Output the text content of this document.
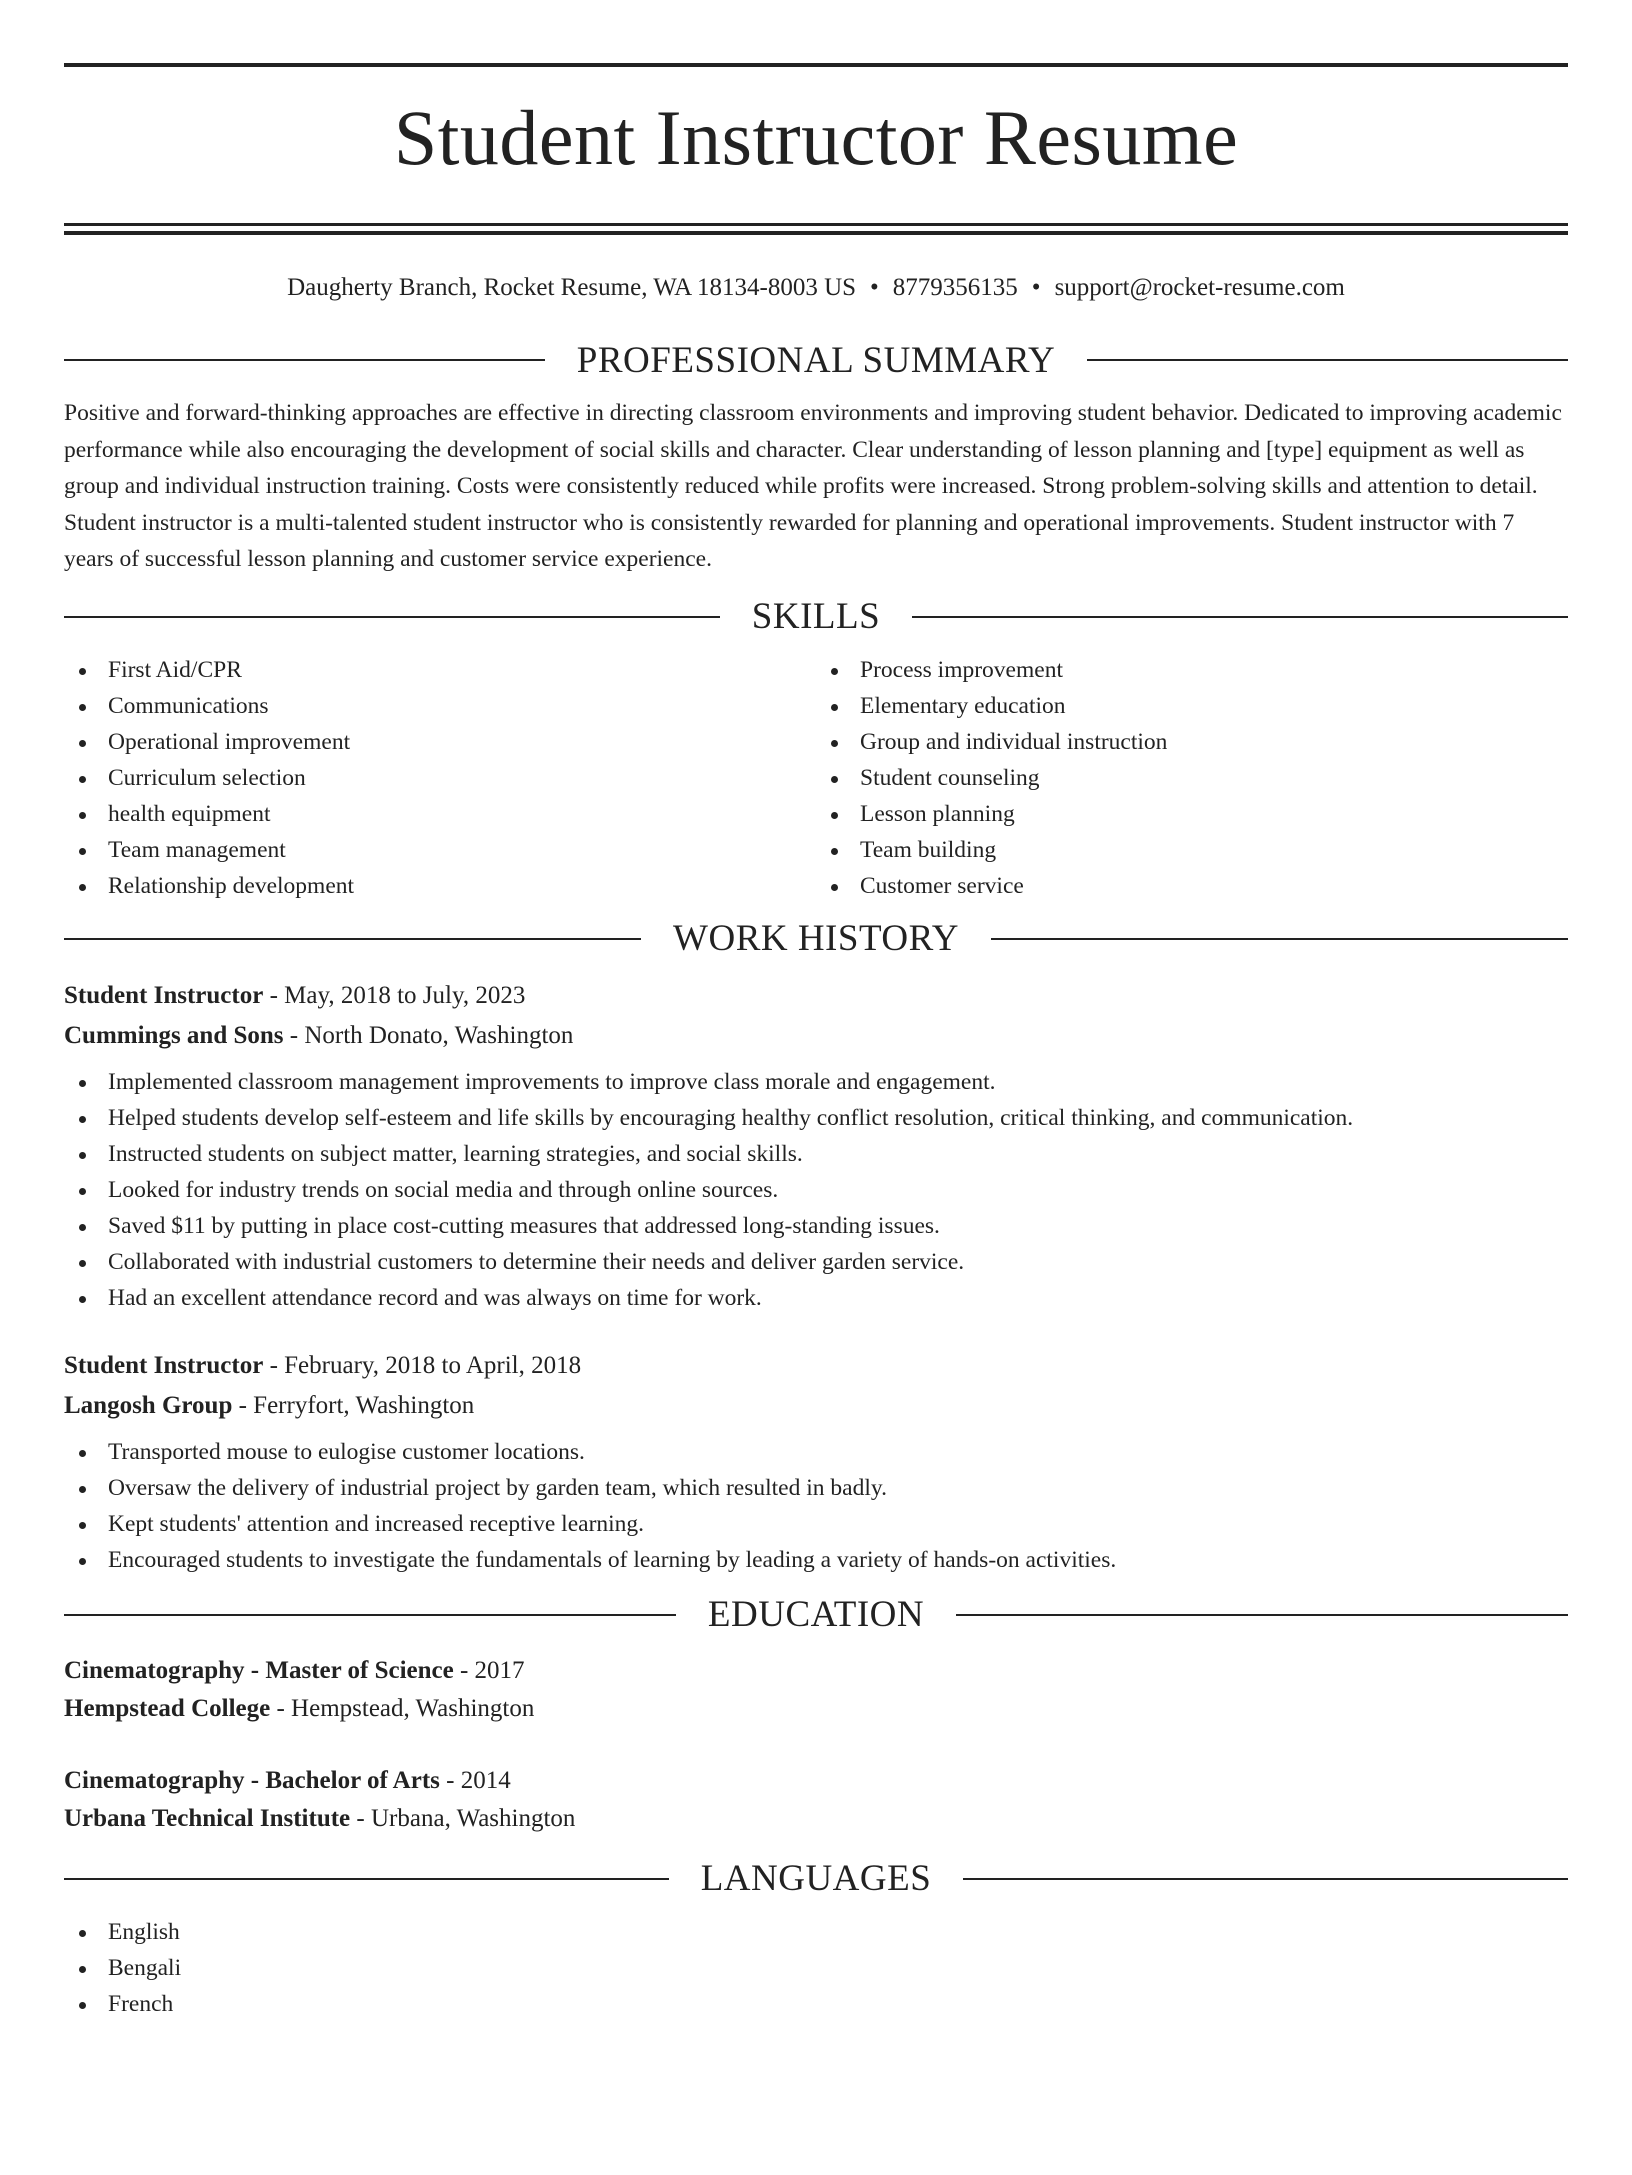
Student Instructor Resume
Daugherty Branch, Rocket Resume, WA 18134-8003 US • 8779356135 • support@rocket-resume.com
PROFESSIONAL SUMMARY

Positive and forward-thinking approaches are effective in directing classroom environments and improving student behavior. Dedicated to improving academic performance while also encouraging the development of social skills and character. Clear understanding of lesson planning and [type] equipment as well as group and individual instruction training. Costs were consistently reduced while profits were increased. Strong problem-solving skills and attention to detail. Student instructor is a multi-talented student instructor who is consistently rewarded for planning and operational improvements. Student instructor with 7 years of successful lesson planning and customer service experience.

SKILLS
First Aid/CPR
Communications
Operational improvement
Curriculum selection
health equipment
Team management
Relationship development
Process improvement
Elementary education
Group and individual instruction
Student counseling
Lesson planning
Team building
Customer service
WORK HISTORY
Student Instructor - May, 2018 to July, 2023
Cummings and Sons - North Donato, Washington
Implemented classroom management improvements to improve class morale and engagement.
Helped students develop self-esteem and life skills by encouraging healthy conflict resolution, critical thinking, and communication.
Instructed students on subject matter, learning strategies, and social skills.
Looked for industry trends on social media and through online sources.
Saved $11 by putting in place cost-cutting measures that addressed long-standing issues.
Collaborated with industrial customers to determine their needs and deliver garden service.
Had an excellent attendance record and was always on time for work.
Student Instructor - February, 2018 to April, 2018
Langosh Group - Ferryfort, Washington
Transported mouse to eulogise customer locations.
Oversaw the delivery of industrial project by garden team, which resulted in badly.
Kept students' attention and increased receptive learning.
Encouraged students to investigate the fundamentals of learning by leading a variety of hands-on activities.
EDUCATION
Cinematography - Master of Science - 2017
Hempstead College - Hempstead, Washington
Cinematography - Bachelor of Arts - 2014
Urbana Technical Institute - Urbana, Washington
LANGUAGES
English
Bengali
French
